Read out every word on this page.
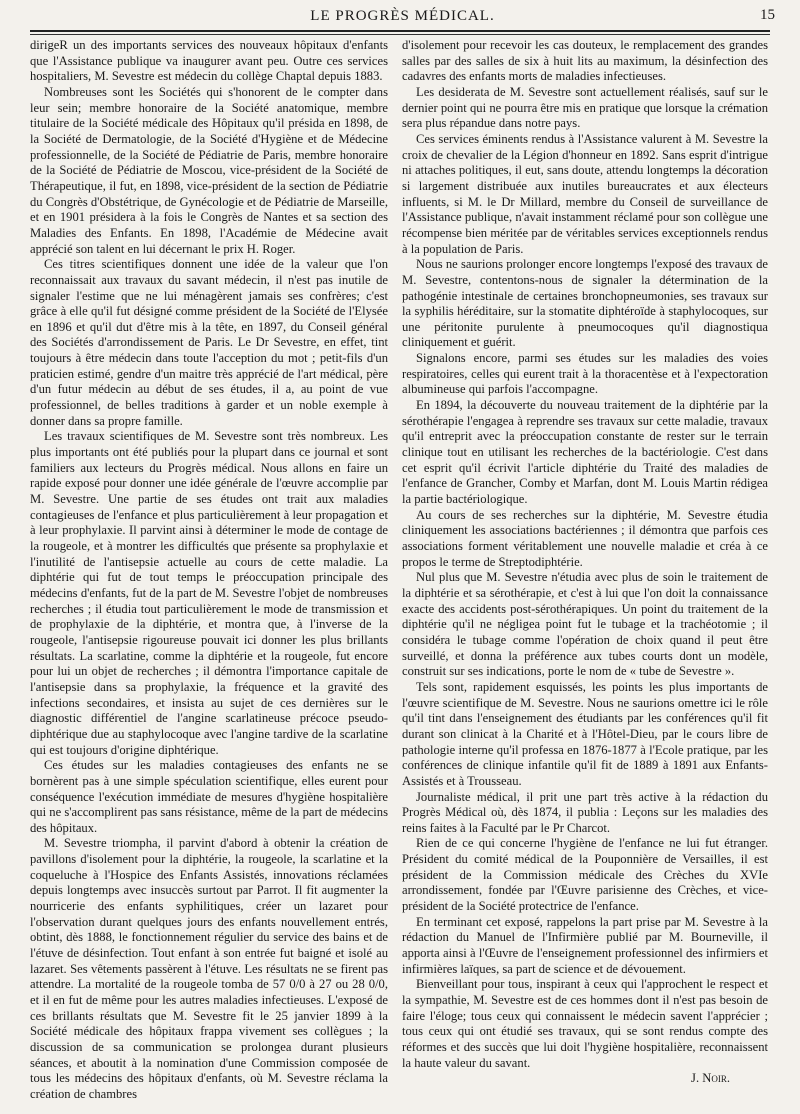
LE PROGRÈS MÉDICAL.	15

dirigeR un des importants services des nouveaux hôpitaux d'enfants que l'Assistance publique va inaugurer avant peu. Outre ces services hospitaliers, M. Sevestre est médecin du collège Chaptal depuis 1883.

Nombreuses sont les Sociétés qui s'honorent de le compter dans leur sein; membre honoraire de la Société anatomique, membre titulaire de la Société médicale des Hôpitaux qu'il présida en 1898, de la Société de Dermatologie, de la Société d'Hygiène et de Médecine professionnelle, de la Société de Pédiatrie de Paris, membre honoraire de la Société de Pédiatrie de Moscou, vice-président de la Société de Thérapeutique, il fut, en 1898, vice-président de la section de Pédiatrie du Congrès d'Obstétrique, de Gynécologie et de Pédiatrie de Marseille, et en 1901 présidera à la fois le Congrès de Nantes et sa section des Maladies des Enfants. En 1898, l'Académie de Médecine avait apprécié son talent en lui décernant le prix H. Roger.

Ces titres scientifiques donnent une idée de la valeur que l'on reconnaissait aux travaux du savant médecin, il n'est pas inutile de signaler l'estime que ne lui ménagèrent jamais ses confrères; c'est grâce à elle qu'il fut désigné comme président de la Société de l'Elysée en 1896 et qu'il dut d'être mis à la tête, en 1897, du Conseil général des Sociétés d'arrondissement de Paris. Le Dr Sevestre, en effet, tint toujours à être médecin dans toute l'acception du mot ; petit-fils d'un praticien estimé, gendre d'un maitre très apprécié de l'art médical, père d'un futur médecin au début de ses études, il a, au point de vue professionnel, de belles traditions à garder et un noble exemple à donner dans sa propre famille.

Les travaux scientifiques de M. Sevestre sont très nombreux. Les plus importants ont été publiés pour la plupart dans ce journal et sont familiers aux lecteurs du Progrès médical. Nous allons en faire un rapide exposé pour donner une idée générale de l'œuvre accomplie par M. Sevestre. Une partie de ses études ont trait aux maladies contagieuses de l'enfance et plus particulièrement à leur propagation et à leur prophylaxie. Il parvint ainsi à déterminer le mode de contage de la rougeole, et à montrer les difficultés que présente sa prophylaxie et l'inutilité de l'antisepsie actuelle au cours de cette maladie. La diphtérie qui fut de tout temps le préoccupation principale des médecins d'enfants, fut de la part de M. Sevestre l'objet de nombreuses recherches ; il étudia tout particulièrement le mode de transmission et de prophylaxie de la diphtérie, et montra que, à l'inverse de la rougeole, l'antisepsie rigoureuse pouvait ici donner les plus brillants résultats. La scarlatine, comme la diphtérie et la rougeole, fut encore pour lui un objet de recherches ; il démontra l'importance capitale de l'antisepsie dans sa prophylaxie, la fréquence et la gravité des infections secondaires, et insista au sujet de ces dernières sur le diagnostic différentiel de l'angine scarlatineuse précoce pseudo-diphtérique due au staphylocoque avec l'angine tardive de la scarlatine qui est toujours d'origine diphtérique.

Ces études sur les maladies contagieuses des enfants ne se bornèrent pas à une simple spéculation scientifique, elles eurent pour conséquence l'exécution immédiate de mesures d'hygiène hospitalière qui ne s'accomplirent pas sans résistance, même de la part de médecins des hôpitaux.

M. Sevestre triompha, il parvint d'abord à obtenir la création de pavillons d'isolement pour la diphtérie, la rougeole, la scarlatine et la coqueluche à l'Hospice des Enfants Assistés, innovations réclamées depuis longtemps avec insuccès surtout par Parrot. Il fit augmenter la nourricerie des enfants syphilitiques, créer un lazaret pour l'observation durant quelques jours des enfants nouvellement entrés, obtint, dès 1888, le fonctionnement régulier du service des bains et de l'étuve de désinfection. Tout enfant à son entrée fut baigné et isolé au lazaret. Ses vêtements passèrent à l'étuve. Les résultats ne se firent pas attendre. La mortalité de la rougeole tomba de 57 0/0 à 27 ou 28 0/0, et il en fut de même pour les autres maladies infectieuses. L'exposé de ces brillants résultats que M. Sevestre fit le 25 janvier 1899 à la Société médicale des hôpitaux frappa vivement ses collègues ; la discussion de sa communication se prolongea durant plusieurs séances, et aboutit à la nomination d'une Commission composée de tous les médecins des hôpitaux d'enfants, où M. Sevestre réclama la création de chambres

d'isolement pour recevoir les cas douteux, le remplacement des grandes salles par des salles de six à huit lits au maximum, la désinfection des cadavres des enfants morts de maladies infectieuses.

Les desiderata de M. Sevestre sont actuellement réalisés, sauf sur le dernier point qui ne pourra être mis en pratique que lorsque la crémation sera plus répandue dans notre pays.

Ces services éminents rendus à l'Assistance valurent à M. Sevestre la croix de chevalier de la Légion d'honneur en 1892. Sans esprit d'intrigue ni attaches politiques, il eut, sans doute, attendu longtemps la décoration si largement distribuée aux inutiles bureaucrates et aux électeurs influents, si M. le Dr Millard, membre du Conseil de surveillance de l'Assistance publique, n'avait instamment réclamé pour son collègue une récompense bien méritée par de véritables services exceptionnels rendus à la population de Paris.

Nous ne saurions prolonger encore longtemps l'exposé des travaux de M. Sevestre, contentons-nous de signaler la détermination de la pathogénie intestinale de certaines bronchopneumonies, ses travaux sur la syphilis héréditaire, sur la stomatite diphtéroïde à staphylocoques, sur une péritonite purulente à pneumocoques qu'il diagnostiqua cliniquement et guérit.

Signalons encore, parmi ses études sur les maladies des voies respiratoires, celles qui eurent trait à la thoracentèse et à l'expectoration albumineuse qui parfois l'accompagne.

En 1894, la découverte du nouveau traitement de la diphtérie par la sérothérapie l'engagea à reprendre ses travaux sur cette maladie, travaux qu'il entreprit avec la préoccupation constante de rester sur le terrain clinique tout en utilisant les recherches de la bactériologie. C'est dans cet esprit qu'il écrivit l'article diphtérie du Traité des maladies de l'enfance de Grancher, Comby et Marfan, dont M. Louis Martin rédigea la partie bactériologique.

Au cours de ses recherches sur la diphtérie, M. Sevestre étudia cliniquement les associations bactériennes ; il démontra que parfois ces associations forment véritablement une nouvelle maladie et créa à ce propos le terme de Streptodiphtérie.

Nul plus que M. Sevestre n'étudia avec plus de soin le traitement de la diphtérie et sa sérothérapie, et c'est à lui que l'on doit la connaissance exacte des accidents post-sérothérapiques. Un point du traitement de la diphtérie qu'il ne négligea point fut le tubage et la trachéotomie ; il considéra le tubage comme l'opération de choix quand il peut être surveillé, et donna la préférence aux tubes courts dont un modèle, construit sur ses indications, porte le nom de « tube de Sevestre ».

Tels sont, rapidement esquissés, les points les plus importants de l'œuvre scientifique de M. Sevestre. Nous ne saurions omettre ici le rôle qu'il tint dans l'enseignement des étudiants par les conférences qu'il fit durant son clinicat à la Charité et à l'Hôtel-Dieu, par le cours libre de pathologie interne qu'il professa en 1876-1877 à l'Ecole pratique, par les conférences de clinique infantile qu'il fit de 1889 à 1891 aux Enfants-Assistés et à Trousseau.

Journaliste médical, il prit une part très active à la rédaction du Progrès Médical où, dès 1874, il publia : Leçons sur les maladies des reins faites à la Faculté par le Pr Charcot.

Rien de ce qui concerne l'hygiène de l'enfance ne lui fut étranger. Président du comité médical de la Pouponnière de Versailles, il est président de la Commission médicale des Crèches du XVIe arrondissement, fondée par l'Œuvre parisienne des Crèches, et vice-président de la Société protectrice de l'enfance.

En terminant cet exposé, rappelons la part prise par M. Sevestre à la rédaction du Manuel de l'Infirmière publié par M. Bourneville, il apporta ainsi à l'Œuvre de l'enseignement professionnel des infirmiers et infirmières laïques, sa part de science et de dévouement.

Bienveillant pour tous, inspirant à ceux qui l'approchent le respect et la sympathie, M. Sevestre est de ces hommes dont il n'est pas besoin de faire l'éloge; tous ceux qui connaissent le médecin savent l'apprécier ; tous ceux qui ont étudié ses travaux, qui se sont rendus compte des réformes et des succès que lui doit l'hygiène hospitalière, reconnaissent la haute valeur du savant.

J. Noir.
